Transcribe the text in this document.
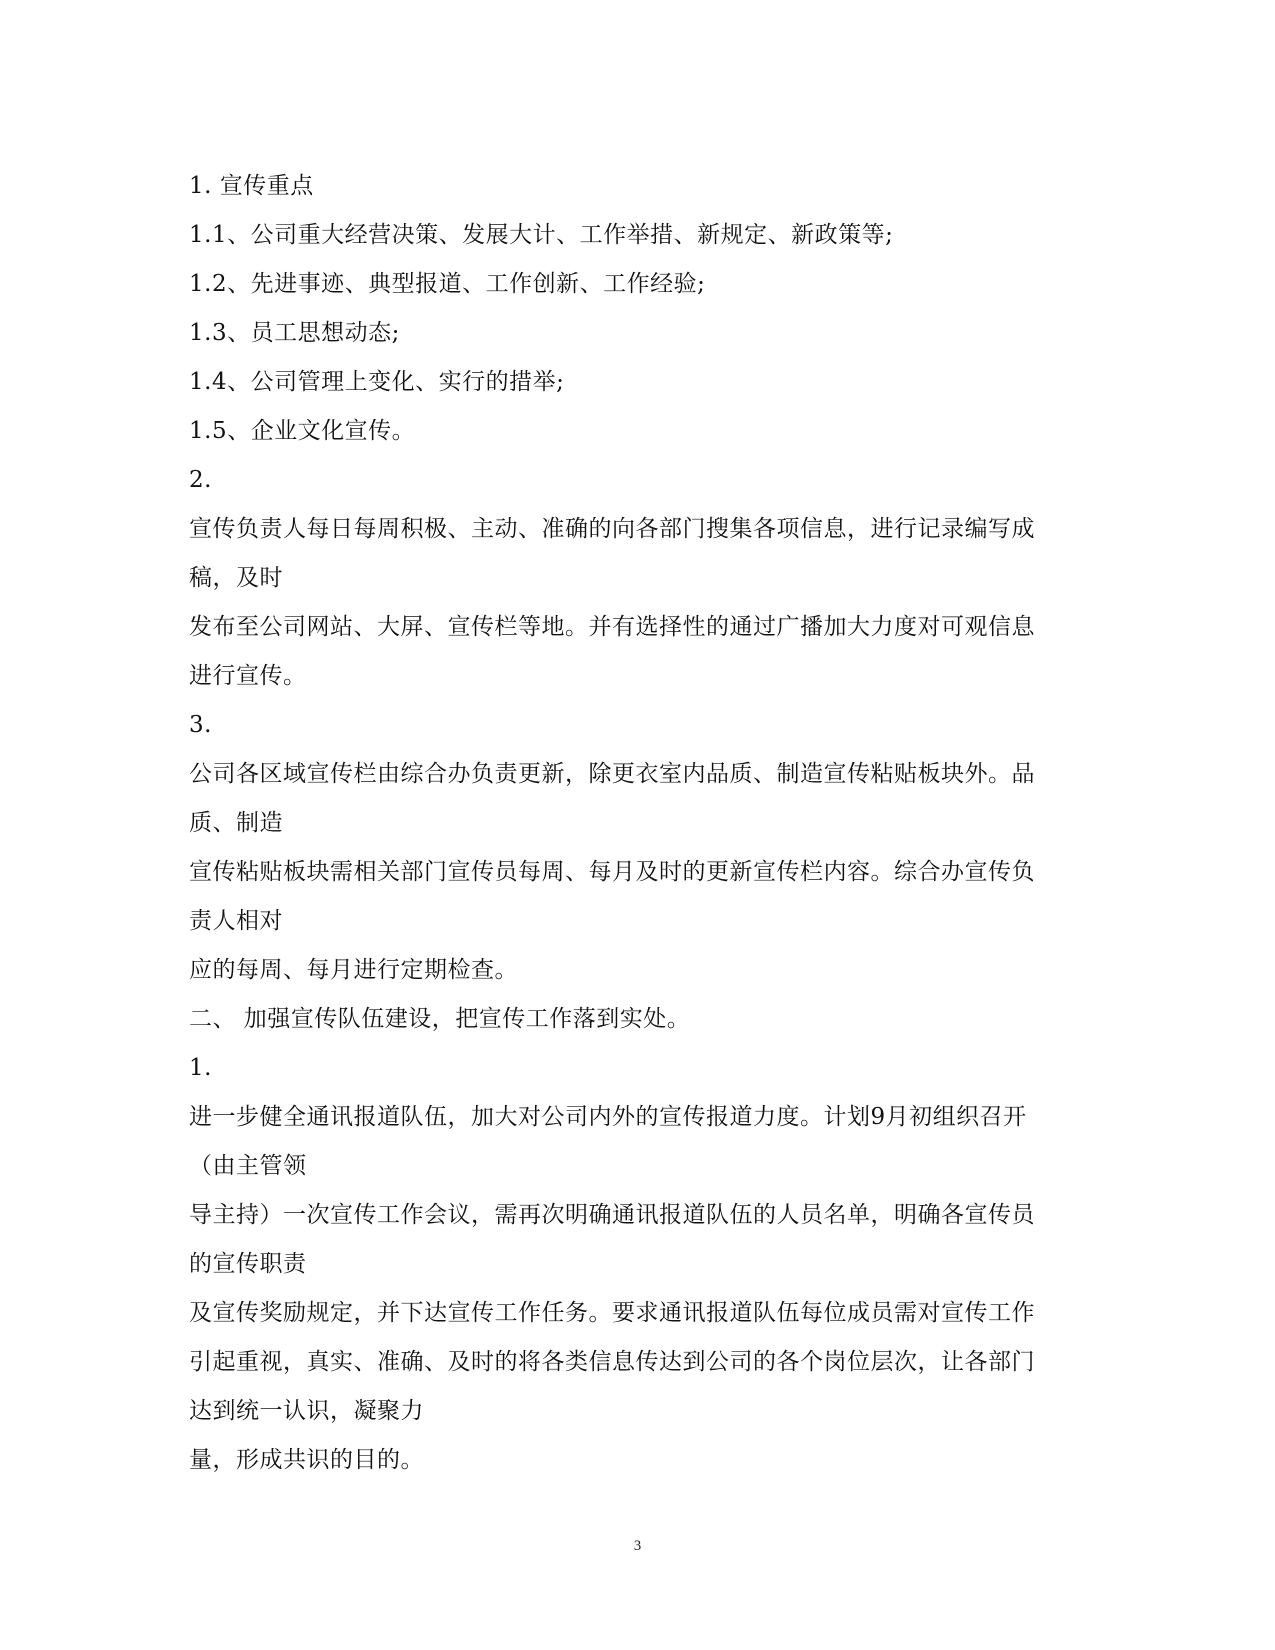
1. 宣传重点
1.1、公司重大经营决策、发展大计、工作举措、新规定、新政策等;
1.2、先进事迹、典型报道、工作创新、工作经验;
1.3、员工思想动态;
1.4、公司管理上变化、实行的措举;
1.5、企业文化宣传。
2.
宣传负责人每日每周积极、主动、准确的向各部门搜集各项信息，进行记录编写成
稿，及时
发布至公司网站、大屏、宣传栏等地。并有选择性的通过广播加大力度对可观信息
进行宣传。
3.
公司各区域宣传栏由综合办负责更新，除更衣室内品质、制造宣传粘贴板块外。品
质、制造
宣传粘贴板块需相关部门宣传员每周、每月及时的更新宣传栏内容。综合办宣传负
责人相对
应的每周、每月进行定期检查。
二、 加强宣传队伍建设，把宣传工作落到实处。
1.
进一步健全通讯报道队伍，加大对公司内外的宣传报道力度。计划9月初组织召开
（由主管领
导主持）一次宣传工作会议，需再次明确通讯报道队伍的人员名单，明确各宣传员
的宣传职责
及宣传奖励规定，并下达宣传工作任务。要求通讯报道队伍每位成员需对宣传工作
引起重视，真实、准确、及时的将各类信息传达到公司的各个岗位层次，让各部门
达到统一认识，凝聚力
量，形成共识的目的。
3
